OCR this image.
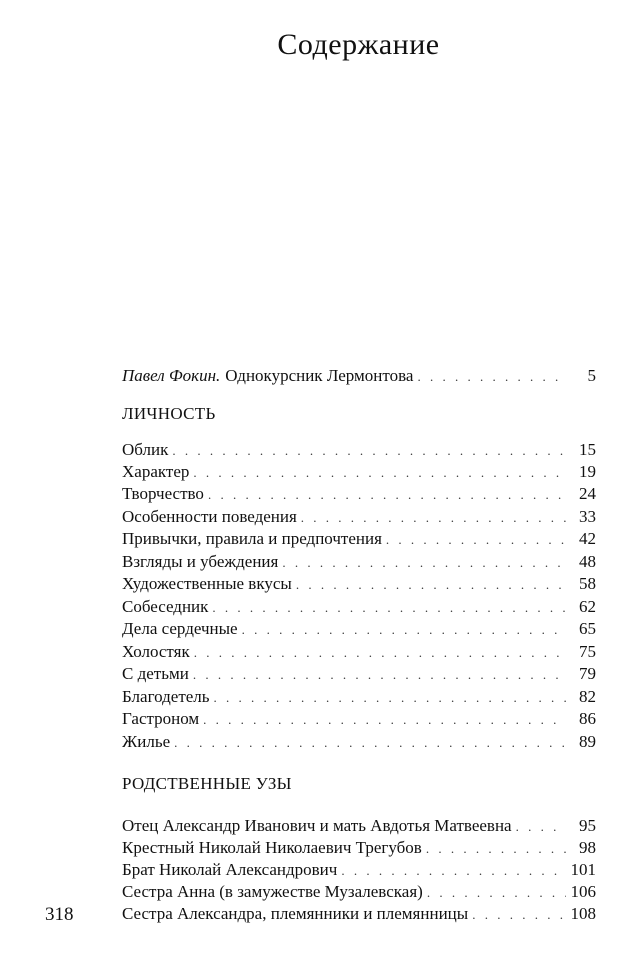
Содержание
Павел Фокин. Однокурсник Лермонтова . . .	5
ЛИЧНОСТЬ
Облик . . .	15
Характер . . .	19
Творчество . . .	24
Особенности поведения . . .	33
Привычки, правила и предпочтения . . .	42
Взгляды и убеждения . . .	48
Художественные вкусы . . .	58
Собеседник . . .	62
Дела сердечные . . .	65
Холостяк . . .	75
С детьми . . .	79
Благодетель . . .	82
Гастроном . . .	86
Жилье . . .	89
РОДСТВЕННЫЕ УЗЫ
Отец Александр Иванович и мать Авдотья Матвеевна . . .	95
Крестный Николай Николаевич Трегубов . . .	98
Брат Николай Александрович . . .	101
Сестра Анна (в замужестве Музалевская) . . .	106
Сестра Александра, племянники и племянницы . . .	108
318
